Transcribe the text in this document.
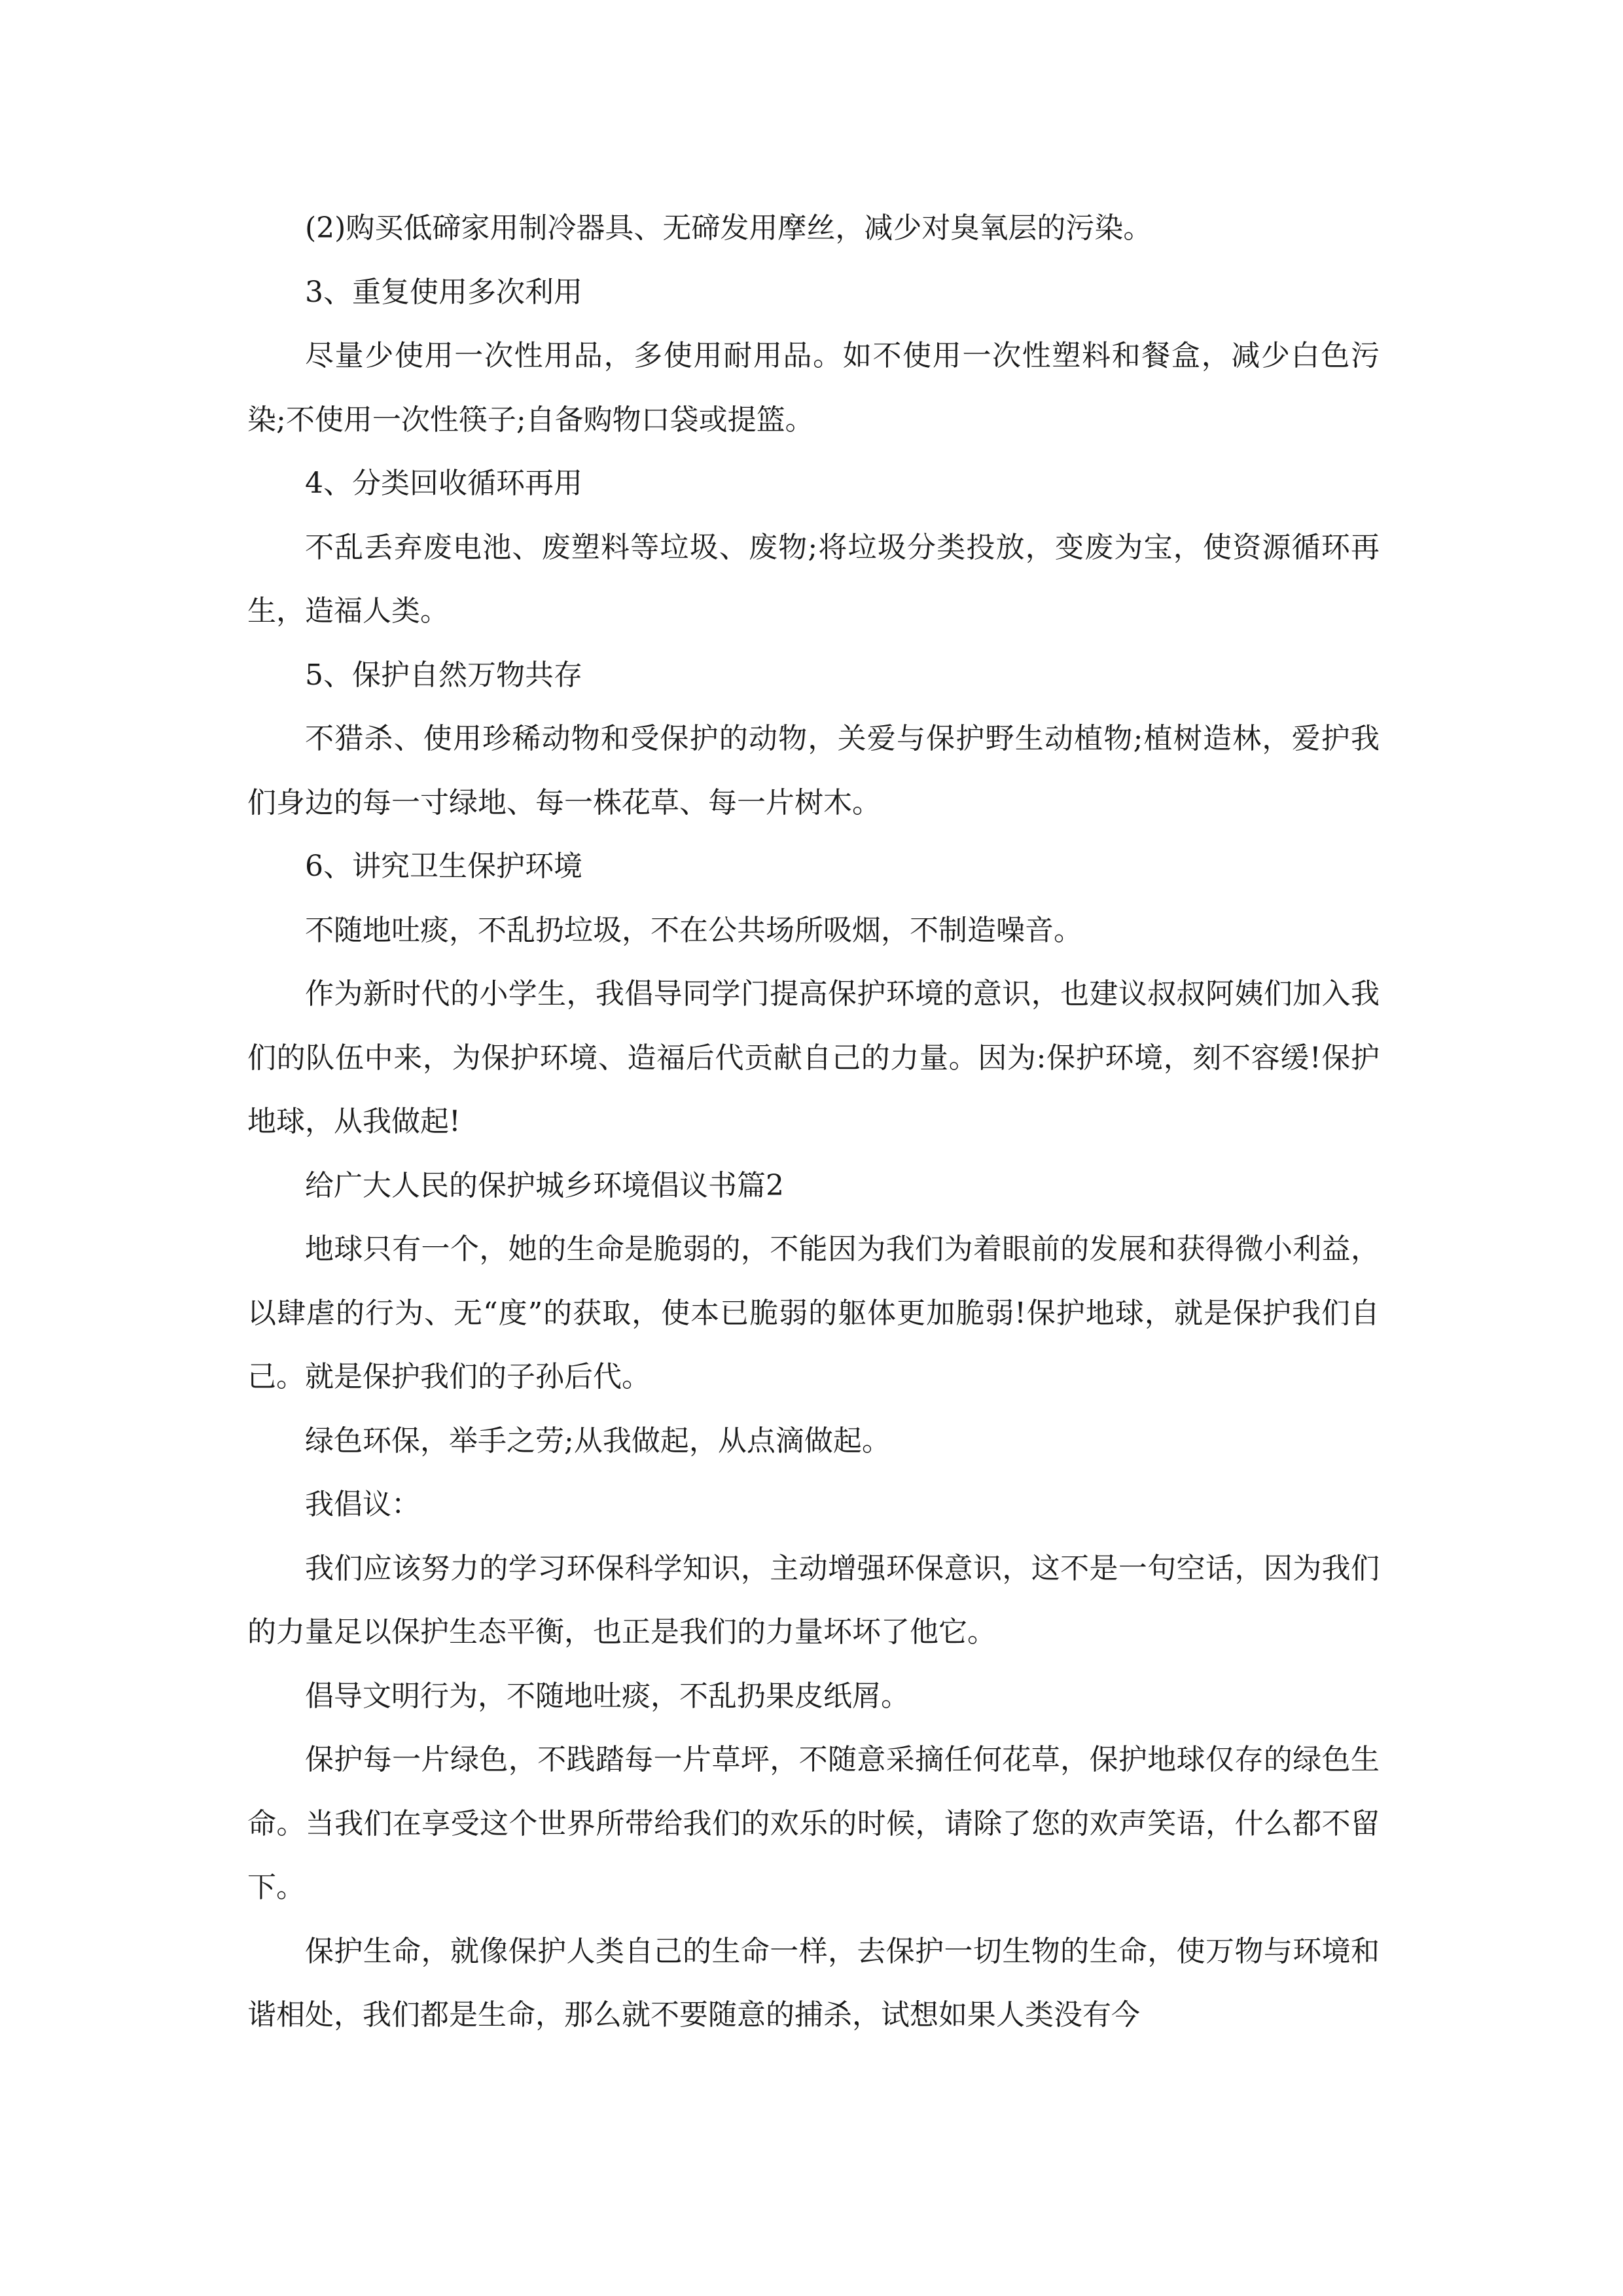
(2)购买低碲家用制冷器具、无碲发用摩丝，减少对臭氧层的污染。

3、重复使用多次利用

尽量少使用一次性用品，多使用耐用品。如不使用一次性塑料和餐盒，减少白色污染;不使用一次性筷子;自备购物口袋或提篮。

4、分类回收循环再用

不乱丢弃废电池、废塑料等垃圾、废物;将垃圾分类投放，变废为宝，使资源循环再生，造福人类。

5、保护自然万物共存

不猎杀、使用珍稀动物和受保护的动物，关爱与保护野生动植物;植树造林，爱护我们身边的每一寸绿地、每一株花草、每一片树木。

6、讲究卫生保护环境

不随地吐痰，不乱扔垃圾，不在公共场所吸烟，不制造噪音。

作为新时代的小学生，我倡导同学门提高保护环境的意识，也建议叔叔阿姨们加入我们的队伍中来，为保护环境、造福后代贡献自己的力量。因为:保护环境，刻不容缓!保护地球，从我做起!

给广大人民的保护城乡环境倡议书篇2

地球只有一个，她的生命是脆弱的，不能因为我们为着眼前的发展和获得微小利益，以肆虐的行为、无“度”的获取，使本已脆弱的躯体更加脆弱!保护地球，就是保护我们自己。就是保护我们的子孙后代。

绿色环保，举手之劳;从我做起，从点滴做起。

我倡议：

我们应该努力的学习环保科学知识，主动增强环保意识，这不是一句空话，因为我们的力量足以保护生态平衡，也正是我们的力量坏坏了他它。

倡导文明行为，不随地吐痰，不乱扔果皮纸屑。

保护每一片绿色，不践踏每一片草坪，不随意采摘任何花草，保护地球仅存的绿色生命。当我们在享受这个世界所带给我们的欢乐的时候，请除了您的欢声笑语，什么都不留下。

保护生命，就像保护人类自己的生命一样，去保护一切生物的生命，使万物与环境和谐相处，我们都是生命，那么就不要随意的捕杀，试想如果人类没有今
